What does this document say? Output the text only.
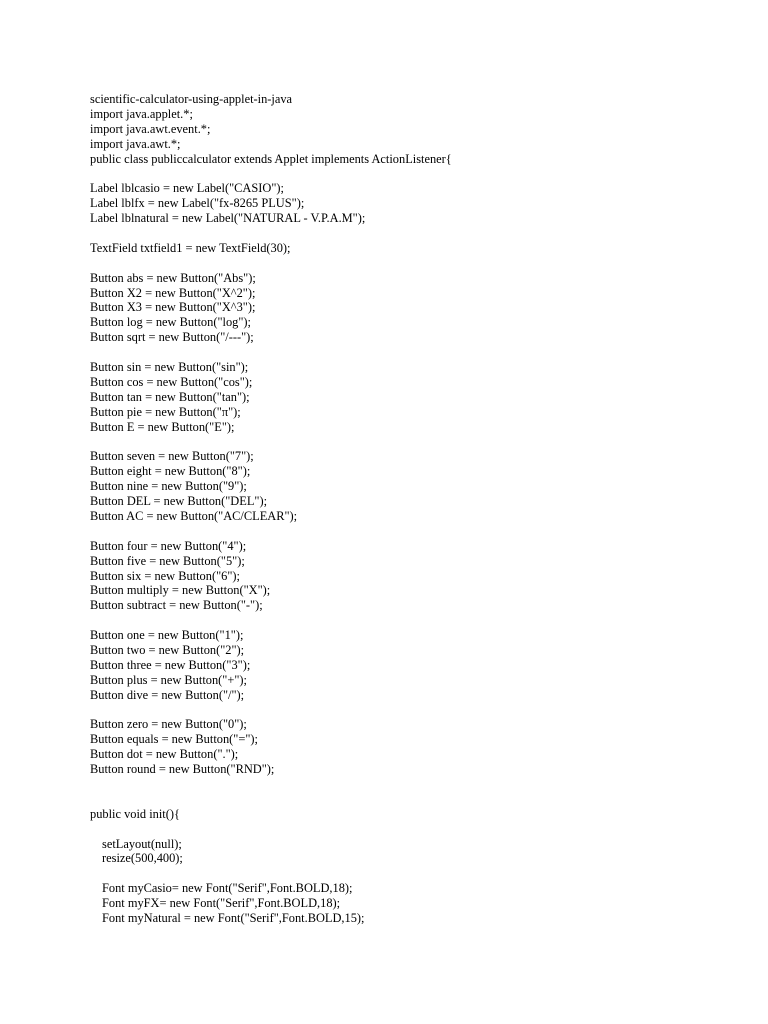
scientific-calculator-using-applet-in-java
import java.applet.*;
import java.awt.event.*;
import java.awt.*;
public class publiccalculator extends Applet implements ActionListener{
Label lblcasio = new Label("CASIO");
Label lblfx = new Label("fx-8265 PLUS");
Label lblnatural = new Label("NATURAL - V.P.A.M");
TextField txtfield1 = new TextField(30);
Button abs = new Button("Abs");
Button X2 = new Button("X^2");
Button X3 = new Button("X^3");
Button log = new Button("log");
Button sqrt = new Button("/---");
Button sin = new Button("sin");
Button cos = new Button("cos");
Button tan = new Button("tan");
Button pie = new Button("π");
Button E = new Button("E");
Button seven = new Button("7");
Button eight = new Button("8");
Button nine = new Button("9");
Button DEL = new Button("DEL");
Button AC = new Button("AC/CLEAR");
Button four = new Button("4");
Button five = new Button("5");
Button six = new Button("6");
Button multiply = new Button("X");
Button subtract = new Button("-");
Button one = new Button("1");
Button two = new Button("2");
Button three = new Button("3");
Button plus = new Button("+");
Button dive = new Button("/");
Button zero = new Button("0");
Button equals = new Button("=");
Button dot = new Button(".");
Button round = new Button("RND");
public void init(){
setLayout(null);
resize(500,400);
Font myCasio= new Font("Serif",Font.BOLD,18);
Font myFX= new Font("Serif",Font.BOLD,18);
Font myNatural = new Font("Serif",Font.BOLD,15);
